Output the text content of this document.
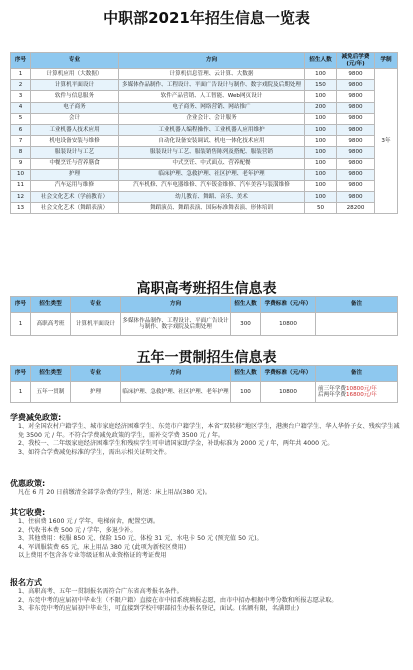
中职部2021年招生信息一览表
序号	专业	方向	招生人数	减免后学费
(元/年)	学制
1	计算机应用（大数据）	计算机信息管理、云计算、大数据	100	9800	3年
2	计算机平面设计	多媒体作品制作、工程设计、平面广告设计与制作、数字戏院及后期处理	150	9800	
3	软件与信息服务	软件产品营销、人工智能、Web网页设计	100	9800	
4	电子商务	电子商务、网络营销、网站推广	200	9800	
5	会计	企业会计、会计服务	100	9800	
6	工业机器人技术应用	工业机器人编程操作、工业机器人应用维护	100	9800	
7	机电设备安装与维修	自动化设备安装调试、机电一体化技术应用	100	9800	
8	服装设计与工艺	服装设计与工艺、服装销售陈列及搭配、服装营销	100	9800	
9	中餐烹饪与营养膳食	中式烹饪、中式面点、营养配餐	100	9800	
10	护理	临床护理、急救护理、社区护理、老年护理	100	9800	
11	汽车运用与维修	汽车机修、汽车电器维修、汽车钣金维修、汽车美容与装潢维修	100	9800	
12	社会文化艺术（学前教育）	幼儿教育、舞蹈、音乐、美术	100	9800	
13	社会文化艺术（舞蹈表演）	舞蹈演员、舞蹈表演、国际标准舞表演、形体培训	50	28200	
高职高考班招生信息表
序号	招生类型	专业	方向	招生人数	学费标准（元/年）	备注
1	高职高考班	计算机平面设计	多媒体作品制作、工程设计、平面广告设计与制作、数字戏院及后期处理	300	10800	
五年一贯制招生信息表
序号	招生类型	专业	方向	招生人数	学费标准（元/年）	备注
1	五年一贯制	护理	临床护理、急救护理、社区护理、老年护理	100	10800	前三年学费10800元/年
后两年学费16800元/年

学费减免政策:

1、对全国农村户籍学生、城市家庭经济困难学生、东莞市户籍学生，本省“双转移”地区学生，港澳台户籍学生、华人华侨子女、残疾学生减免 3500 元 / 年。不符合学费减免政策的学生，需补交学费 3500 元 / 年。

2、我校一、二年级家庭经济困难学生和残疾学生可申请国家助学金，补助标准为 2000 元 / 年，两年共 4000 元。

3、如符合学费减免标准的学生，需出示相关证明文件。

优惠政策:

凡在 6 月 20 日前缴清全部学杂费的学生，附送：床上用品(380 元)。

其它收费:

1、住宿费 1600 元 / 学年，电梯宿舍，配置空调。

2、代收书本费 500 元 / 学年，多退少补。

3、其他费用：校服 850 元、保险 150 元、体检 31 元、水电卡 50 元 (预充值 50 元)。

4、军训服装费 65 元，床上用品 380 元 (此项为新校区费用)

以上费用不包含各专业等级证和从业资格证的考证费用

报名方式

1、高职高考、五年一贯制报名需符合广东省高考报名条件。

2、东莞中考的应届初中毕业生（不限户籍）直接在市中招系统填报志愿，由市中招办根据中考分数和所报志愿录取。

3、非东莞中考的应届初中毕业生，可直接到学校中职部招生办报名登记，面试。(名额有限，名满即止)
